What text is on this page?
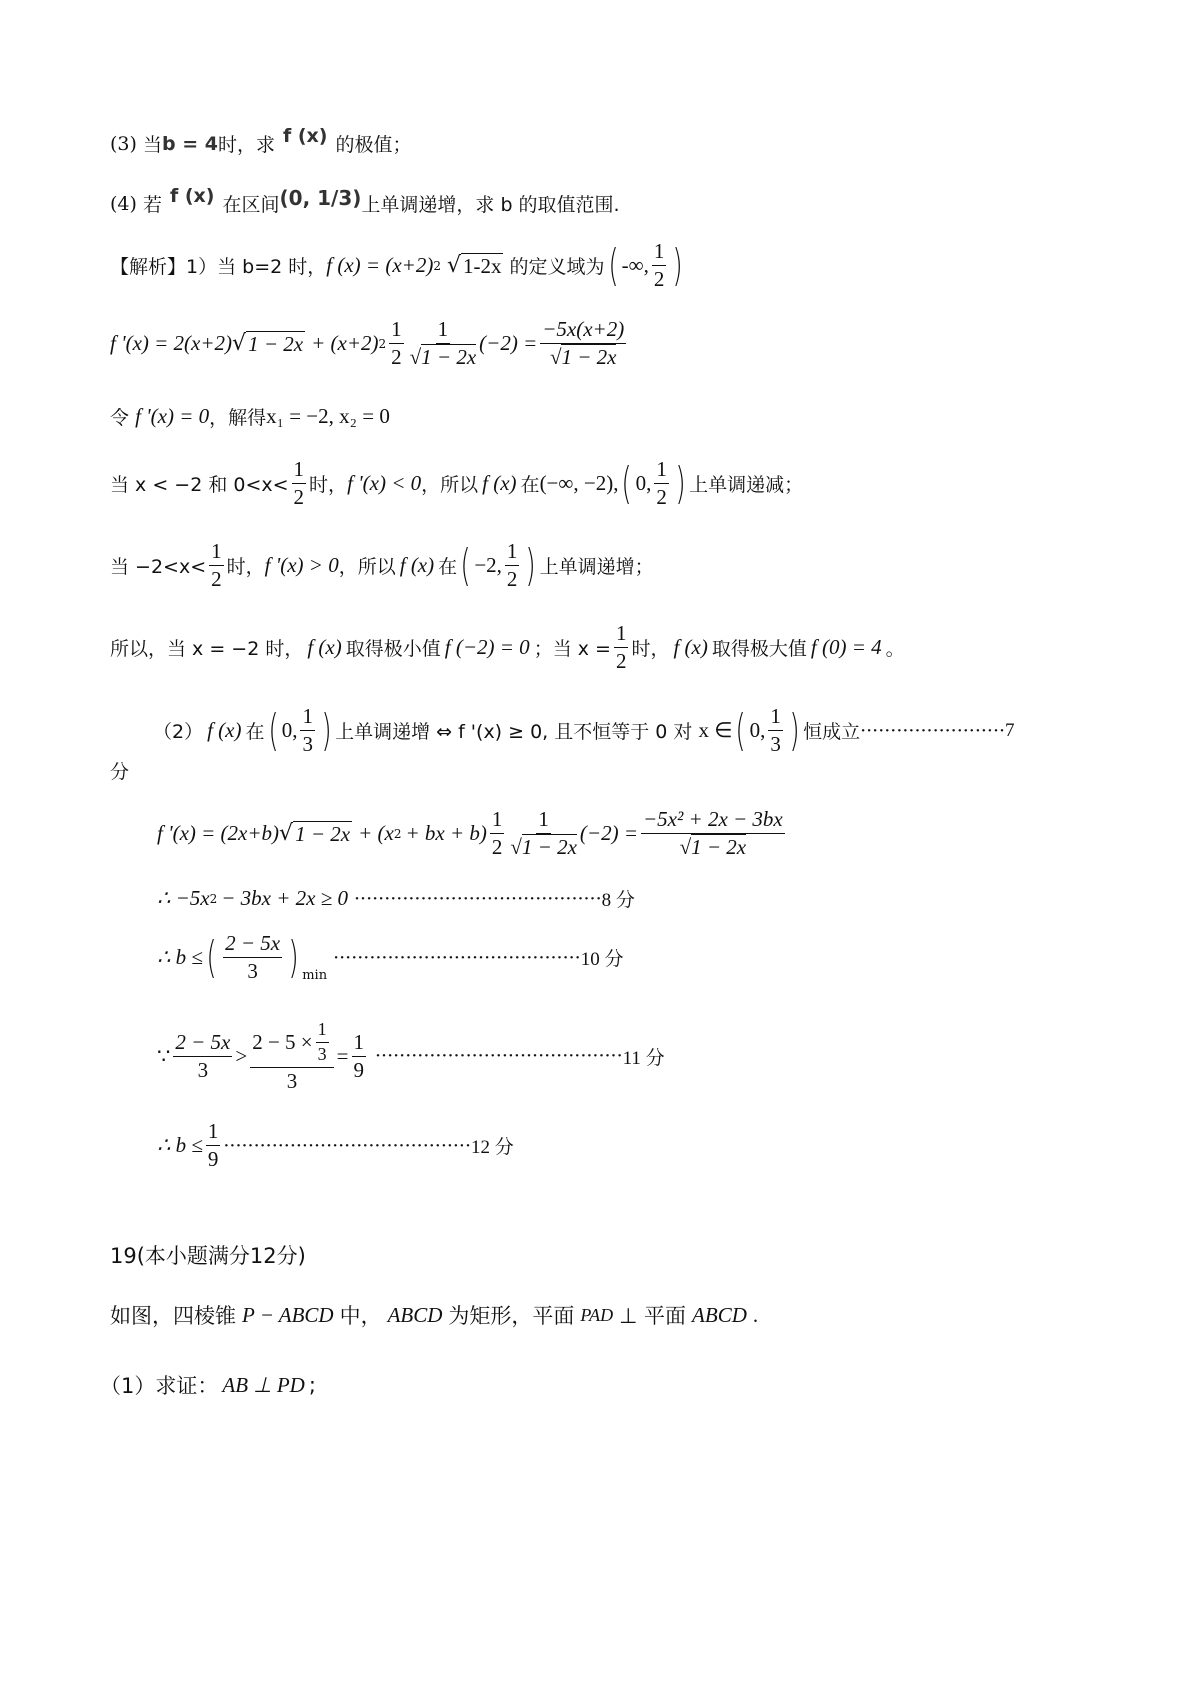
(3)
当 b = 4 时，求 f (x) 的极值；
(4)
若 f (x) 在区间 (0, 1/3) 上单调递增，求 b 的取值范围.
【解析】 1）当 b=2 时， f (x) = (x+2) 2 √ 1-2x 的定义域为 ( -∞, $\frac{1}{2}$ )
f '(x) = 2(x+2) √ 1 − 2x + (x+2) $2 \frac{1}{2} \frac{1}{√1 - 2x} (-2) = \frac{-5x(x+2)}{√1 - 2x}$
令
f '(x) = 0 ，解得 x₁ = −2, x₂ = 0
当 x < −2 和 $0<x< \frac{1}{2}$ 时， f '(x) < 0 ，所以 f (x) 在 (−∞, −2), ( 0, $\frac{1}{2}$ ) 上单调递减；
当 $-2<x< \frac{1}{2}$ 时， f '(x) > 0 ，所以 f (x) 在 ( −2, $\frac{1}{2}$ ) 上单调递增；
所以，当 x = −2 时， f (x) 取得极小值 f (−2) = 0 ；当 $x = \frac{1}{2}$ 时， f (x) 取得极大值 f (0) = 4 。
（2） f (x) 在 ( 0, $\frac{1}{3}$ ) 上单调递增 ⇔ f '(x) ≥ 0, 且不恒等于 0 对 x ∈ ( 0, $\frac{1}{3}$ ) 恒成立 ························ 7
分
f '(x) = (2x+b) √ 1 − 2x + (x 2 + bx + $b) \frac{1}{2} \frac{1}{√1 - 2x} (-2) = \frac{\text{−5x² + 2x − 3bx}}{√1 - 2x}$
∴ −5x 2 − 3bx + 2x ≥ 0 ········································· 8 分
∴ b ≤ ( $\frac{2 - 5x}{3}$ ) $_{min}$
········································· 10 分
∵ $\frac{2 - 5x}{3} > \frac{2 - 5 \times \frac{1}{3}}{3} = \frac{1}{9}$ ········································· 11 分
∴ $b \le \frac{1}{9}$ ········································· 12 分
19(本小题满分12分)
如图，四棱锥 P − ABCD 中， ABCD 为矩形，平面 PAD ⊥ 平面 ABCD .
（1）求证： AB ⊥ PD ;
